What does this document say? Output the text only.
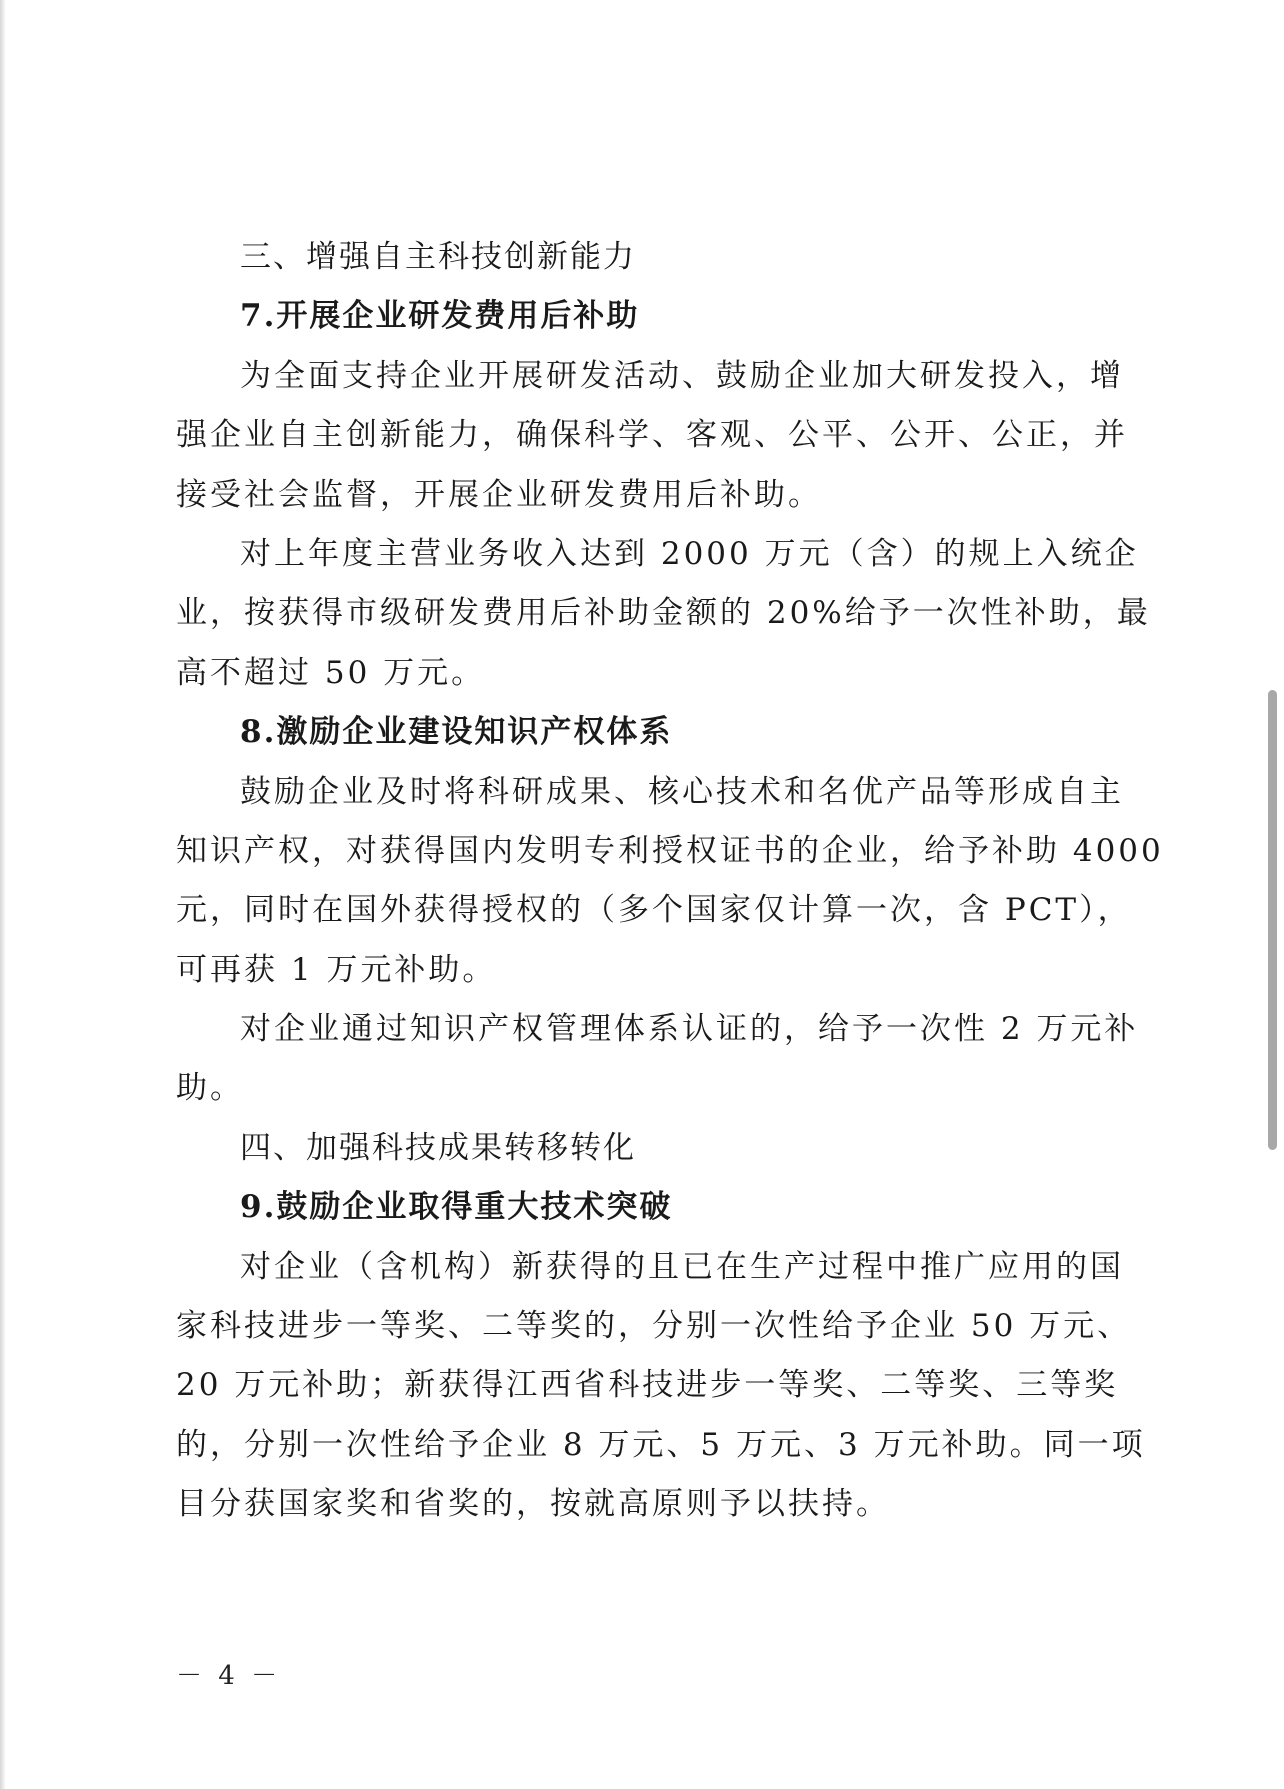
三、增强自主科技创新能力
7.开展企业研发费用后补助
为全面支持企业开展研发活动、鼓励企业加大研发投入，增
强企业自主创新能力，确保科学、客观、公平、公开、公正，并
接受社会监督，开展企业研发费用后补助。
对上年度主营业务收入达到 2000 万元（含）的规上入统企
业，按获得市级研发费用后补助金额的 20%给予一次性补助，最
高不超过 50 万元。
8.激励企业建设知识产权体系
鼓励企业及时将科研成果、核心技术和名优产品等形成自主
知识产权，对获得国内发明专利授权证书的企业，给予补助 4000
元，同时在国外获得授权的（多个国家仅计算一次，含 PCT），
可再获 1 万元补助。
对企业通过知识产权管理体系认证的，给予一次性 2 万元补
助。
四、加强科技成果转移转化
9.鼓励企业取得重大技术突破
对企业（含机构）新获得的且已在生产过程中推广应用的国
家科技进步一等奖、二等奖的，分别一次性给予企业 50 万元、
20 万元补助；新获得江西省科技进步一等奖、二等奖、三等奖
的，分别一次性给予企业 8 万元、5 万元、3 万元补助。同一项
目分获国家奖和省奖的，按就高原则予以扶持。
－ 4 －
